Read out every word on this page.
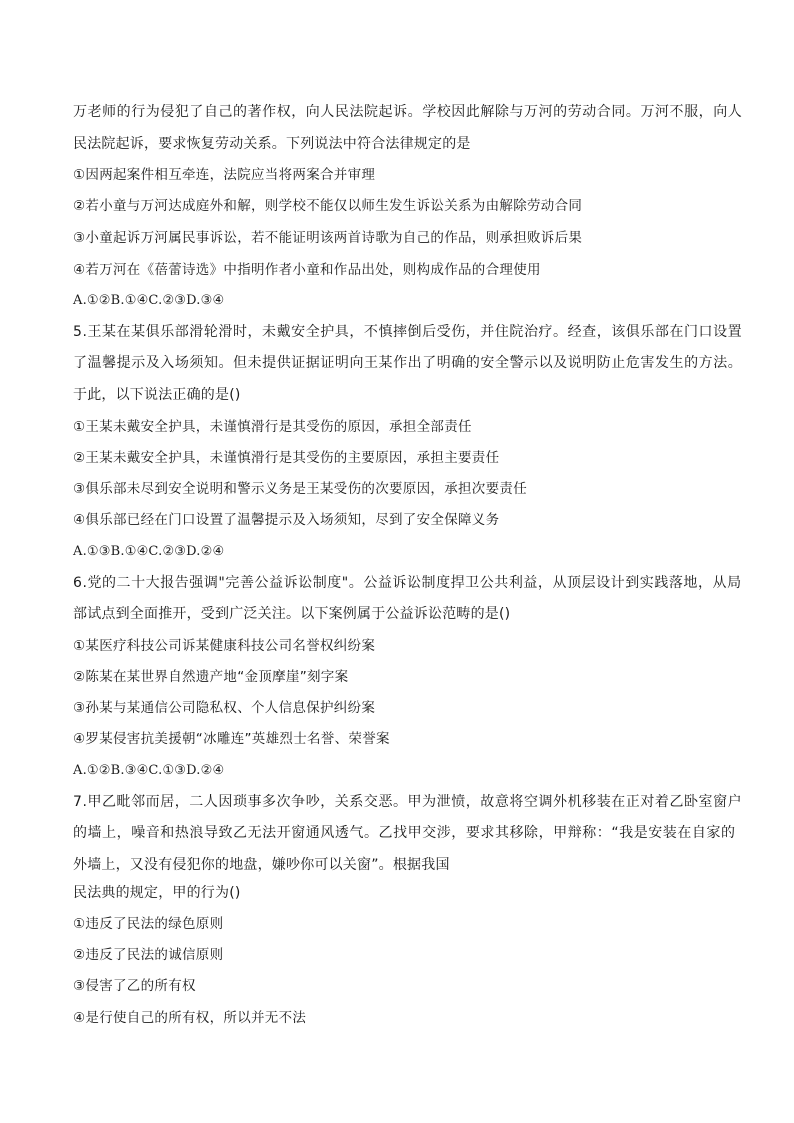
万老师的行为侵犯了自己的著作权，向人民法院起诉。学校因此解除与万河的劳动合同。万河不服，向人
民法院起诉，要求恢复劳动关系。下列说法中符合法律规定的是
①因两起案件相互牵连，法院应当将两案合并审理
②若小童与万河达成庭外和解，则学校不能仅以师生发生诉讼关系为由解除劳动合同
③小童起诉万河属民事诉讼，若不能证明该两首诗歌为自己的作品，则承担败诉后果
④若万河在《蓓蕾诗选》中指明作者小童和作品出处，则构成作品的合理使用
A.①②B.①④C.②③D.③④
5.王某在某俱乐部滑轮滑时，未戴安全护具，不慎摔倒后受伤，并住院治疗。经查，该俱乐部在门口设置
了温馨提示及入场须知。但未提供证据证明向王某作出了明确的安全警示以及说明防止危害发生的方法。
于此，以下说法正确的是()
①王某未戴安全护具，未谨慎滑行是其受伤的原因，承担全部责任
②王某未戴安全护具，未谨慎滑行是其受伤的主要原因，承担主要责任
③俱乐部未尽到安全说明和警示义务是王某受伤的次要原因，承担次要责任
④俱乐部已经在门口设置了温馨提示及入场须知，尽到了安全保障义务
A.①③B.①④C.②③D.②④
6.党的二十大报告强调"完善公益诉讼制度"。公益诉讼制度捍卫公共利益，从顶层设计到实践落地，从局
部试点到全面推开，受到广泛关注。以下案例属于公益诉讼范畴的是()
①某医疗科技公司诉某健康科技公司名誉权纠纷案
②陈某在某世界自然遗产地“金顶摩崖”刻字案
③孙某与某通信公司隐私权、个人信息保护纠纷案
④罗某侵害抗美援朝“冰雕连”英雄烈士名誉、荣誉案
A.①②B.③④C.①③D.②④
7.甲乙毗邻而居，二人因琐事多次争吵，关系交恶。甲为泄愤，故意将空调外机移装在正对着乙卧室窗户
的墙上，噪音和热浪导致乙无法开窗通风透气。乙找甲交涉，要求其移除，甲辩称：“我是安装在自家的
外墙上，又没有侵犯你的地盘，嫌吵你可以关窗”。根据我国
民法典的规定，甲的行为()
①违反了民法的绿色原则
②违反了民法的诚信原则
③侵害了乙的所有权
④是行使自己的所有权，所以并无不法
